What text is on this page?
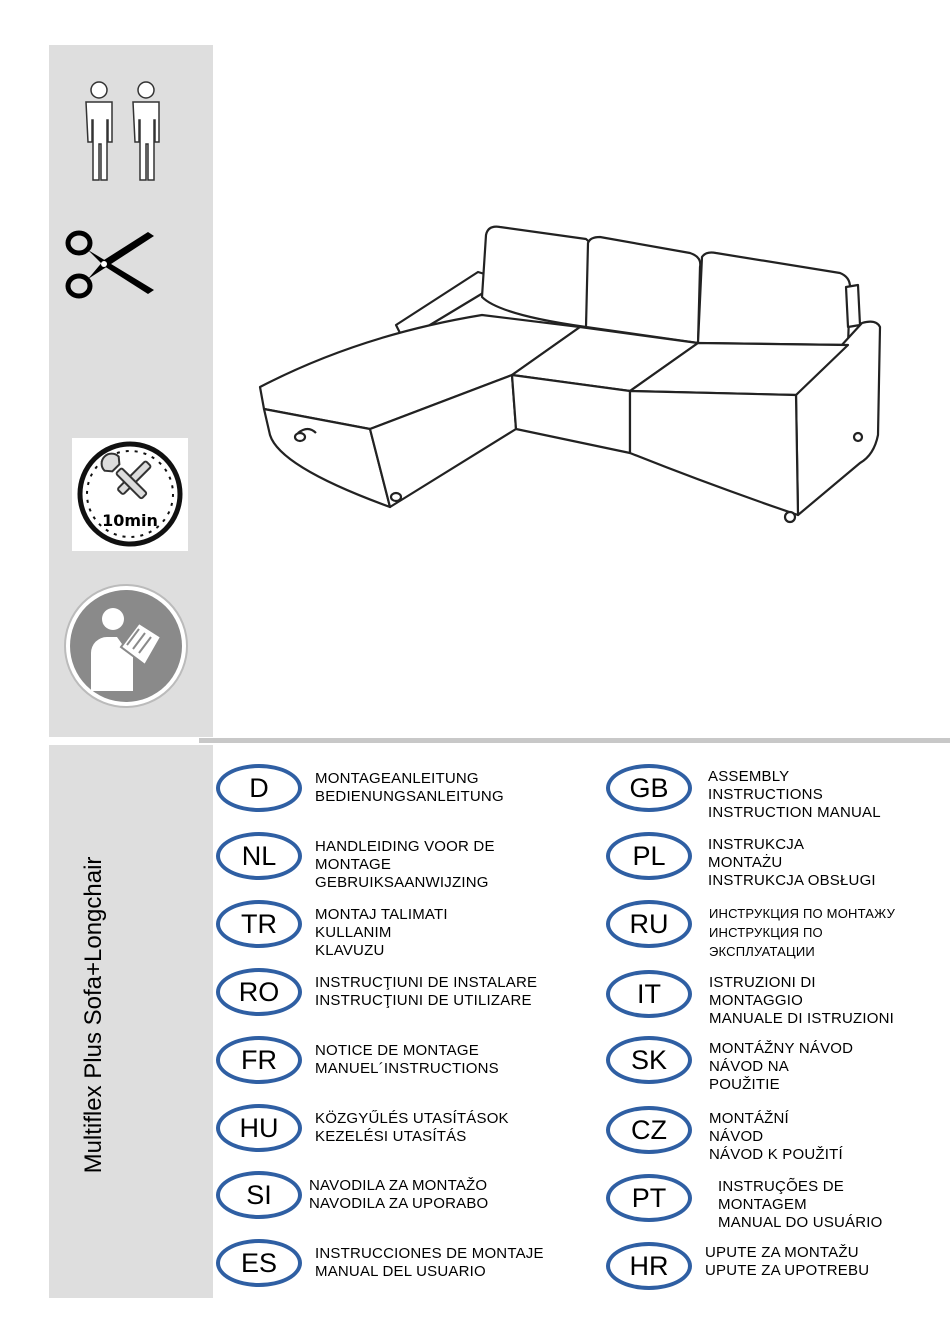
10min
Multiflex Plus Sofa+Longchair
D	MONTAGEANLEITUNG
BEDIENUNGSANLEITUNG
NL	HANDLEIDING VOOR DE
MONTAGE
GEBRUIKSAANWIJZING
TR	MONTAJ TALIMATI
KULLANIM
KLAVUZU
RO	INSTRUCŢIUNI DE INSTALARE
INSTRUCŢIUNI DE UTILIZARE
FR	NOTICE DE MONTAGE
MANUEL´INSTRUCTIONS
HU	KÖZGYŰLÉS UTASÍTÁSOK
KEZELÉSI UTASÍTÁS
SI	NAVODILA ZA MONTAŽO
NAVODILA ZA UPORABO
ES	INSTRUCCIONES DE MONTAJE
MANUAL DEL USUARIO
GB	ASSEMBLY
INSTRUCTIONS
INSTRUCTION MANUAL
PL	INSTRUKCJA
MONTAŻU
INSTRUKCJA OBSŁUGI
RU	ИНСТРУКЦИЯ ПО МОНТАЖУ
ИНСТРУКЦИЯ ПО
ЭКСПЛУАТАЦИИ
IT	ISTRUZIONI DI
MONTAGGIO
MANUALE DI ISTRUZIONI
SK	MONTÁŽNY NÁVOD
NÁVOD NA
POUŽITIE
CZ	MONTÁŽNÍ
NÁVOD
NÁVOD K POUŽITÍ
PT	INSTRUÇÕES DE
MONTAGEM
MANUAL DO USUÁRIO
HR	UPUTE ZA MONTAŽU
UPUTE ZA UPOTREBU
